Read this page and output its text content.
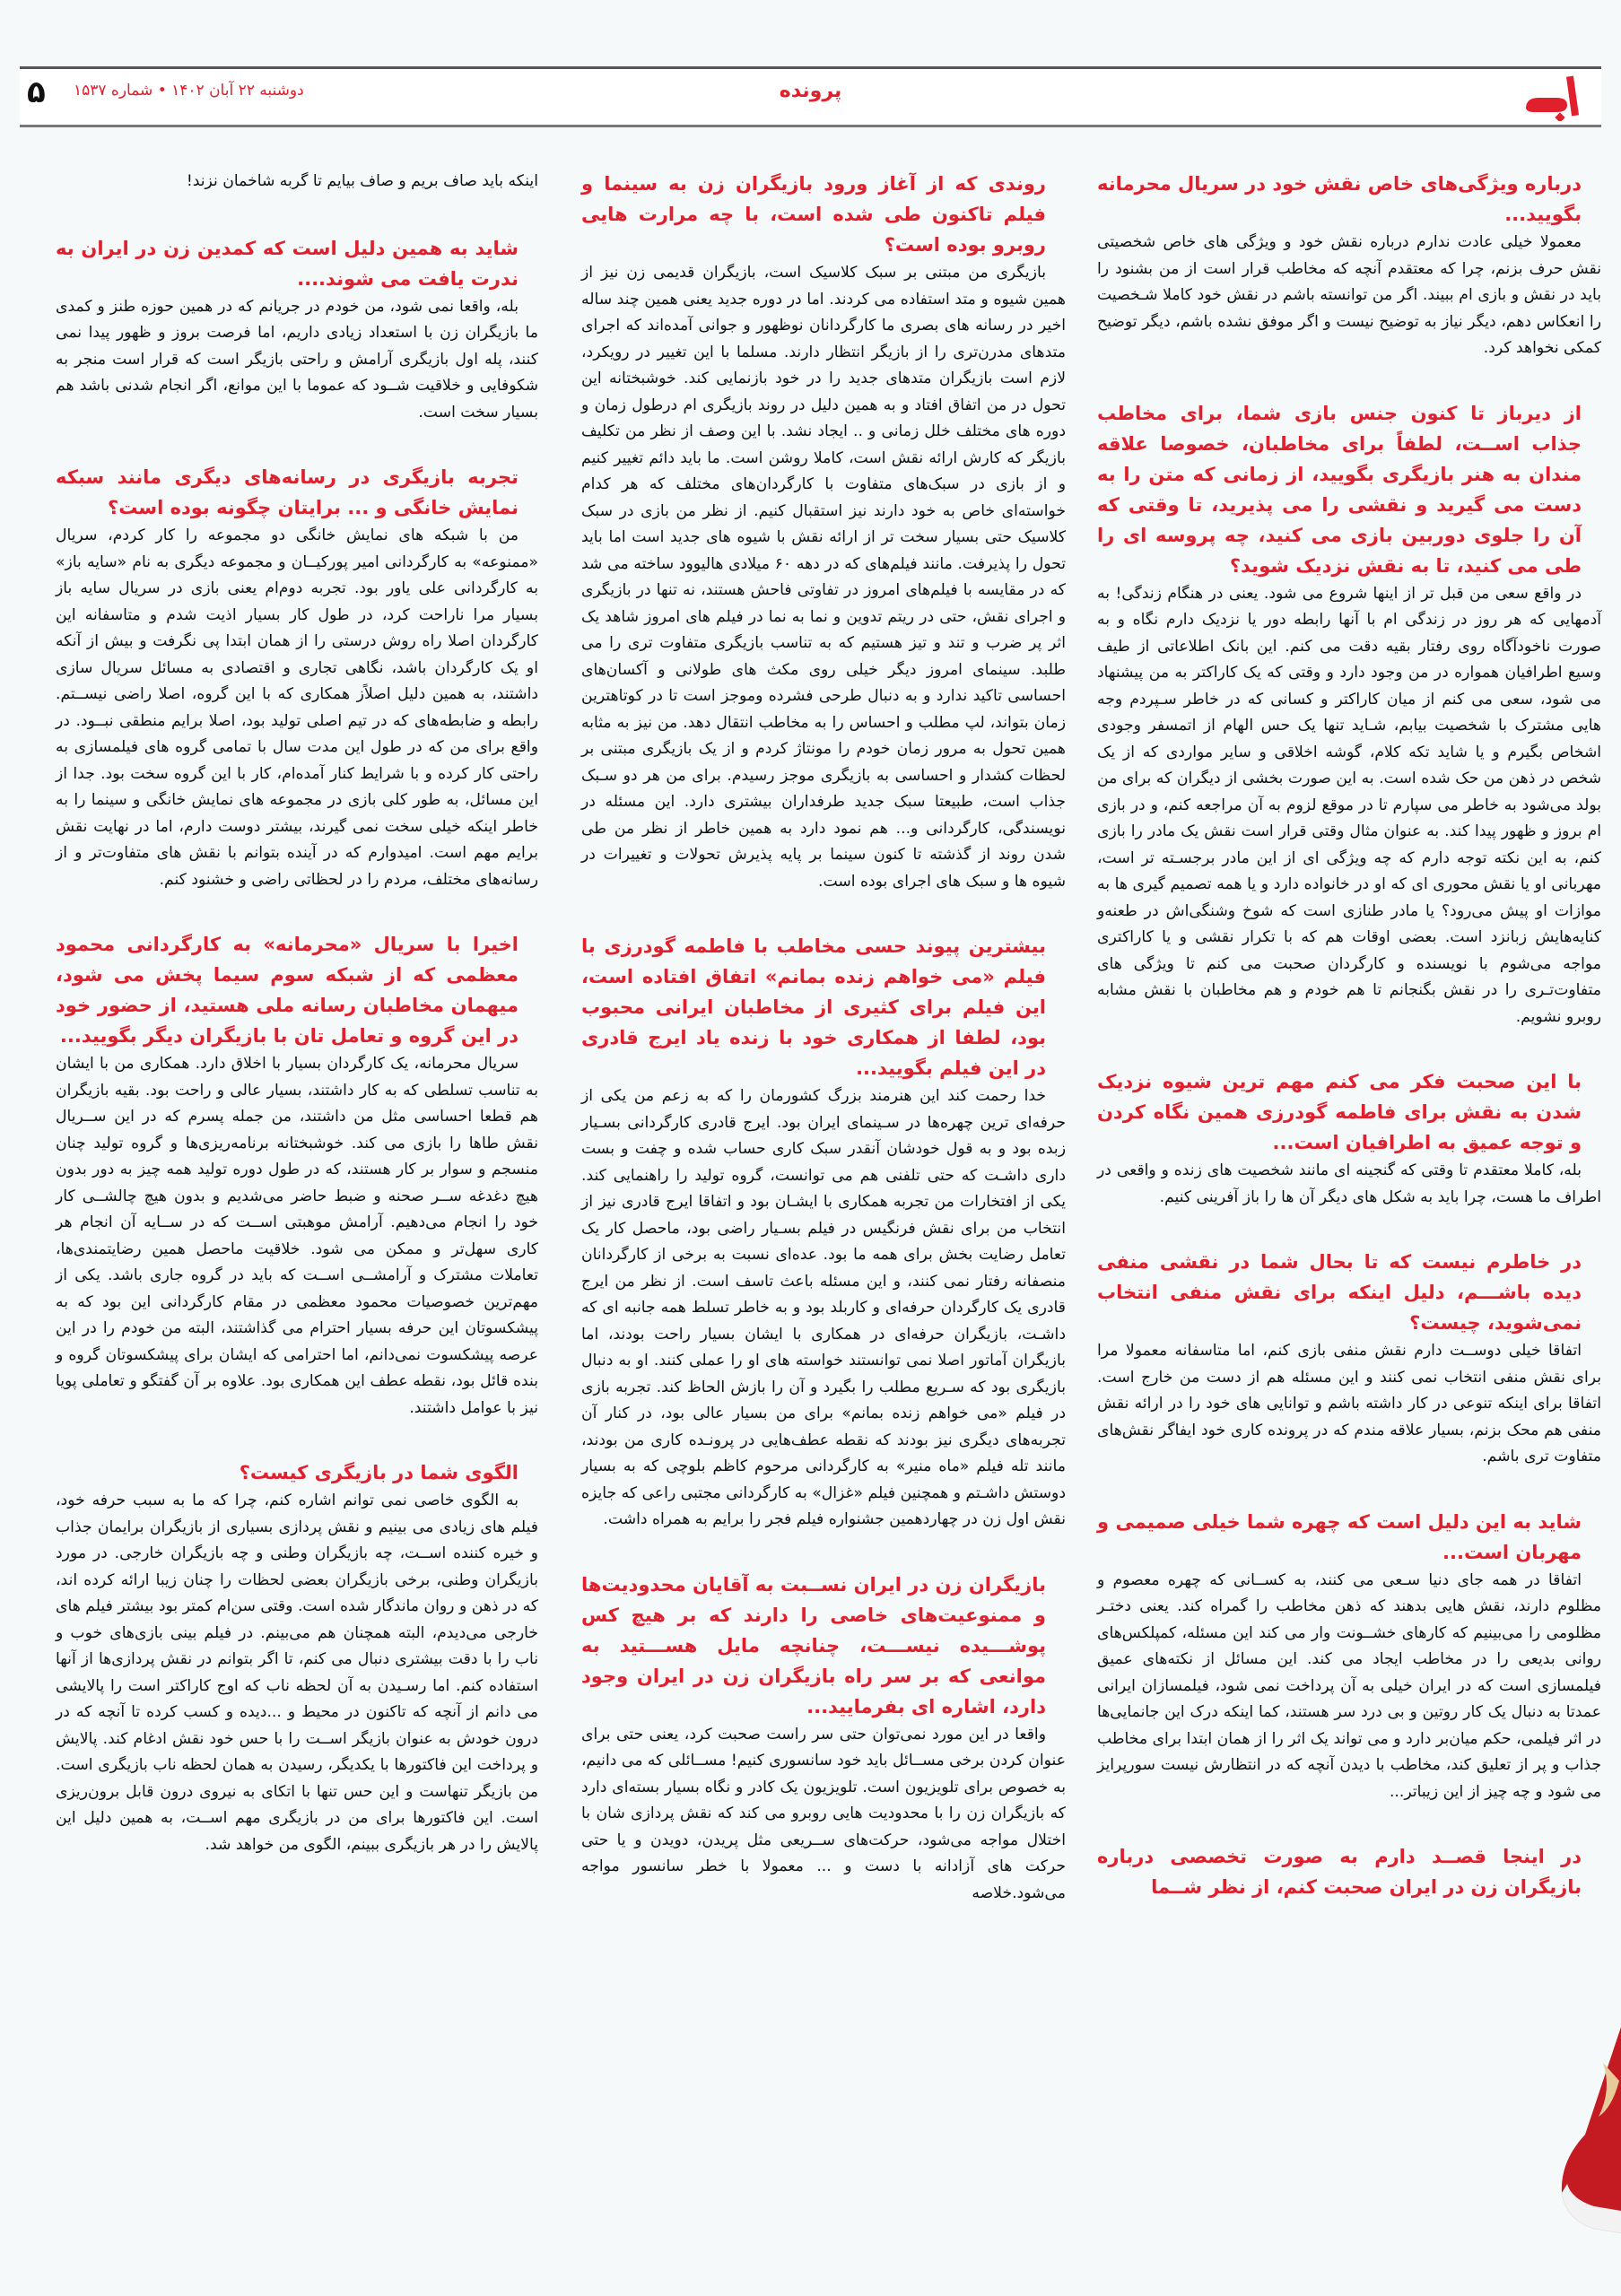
پرونده
دوشنبه ۲۲ آبان ۱۴۰۲ • شماره ۱۵۳۷
۵

درباره ویژگی‌های خاص نقش خود در سریال محرمانه بگویید...

معمولا خیلی عادت ندارم درباره نقش خود و ویژگی های خاص شخصیتی نقش حرف بزنم، چرا که معتقدم آنچه که مخاطب قرار است از من بشنود را باید در نقش و بازی ام ببیند. اگر من توانسته باشم در نقش خود کاملا شـخصیت را انعکاس دهم، دیگر نیاز به توضیح نیست و اگر موفق نشده باشم، دیگر توضیح کمکی نخواهد کرد.

از دیرباز تا کنون جنس بازی شما، برای مخاطب جذاب اســت، لطفاً برای مخاطبان، خصوصا علاقه مندان به هنر بازیگری بگویید، از زمانی که متن را به دست می گیرید و نقشی را می پذیرید، تا وقتی که آن را جلوی دوربین بازی می کنید، چه پروسه ای را طی می کنید، تا به نقش نزدیک شوید؟

در واقع سعی من قبل تر از اینها شروع می شود. یعنی در هنگام زندگی! به آدمهایی که هر روز در زندگی ام با آنها رابطه دور یا نزدیک دارم نگاه و به صورت ناخودآگاه روی رفتار بقیه دقت می کنم. این بانک اطلاعاتی از طیف وسیع اطرافیان همواره در من وجود دارد و وقتی که یک کاراکتر به من پیشنهاد می شود، سعی می کنم از میان کاراکتر و کسانی که در خاطر سـپردم وجه هایی مشترک با شخصیت بیابم، شـاید تنها یک حس الهام از اتمسفر وجودی اشخاص بگیرم و یا شاید تکه کلام، گوشه اخلاقی و سایر مواردی که از یک شخص در ذهن من حک شده است. به این صورت بخشی از دیگران که برای من بولد می‌شود به خاطر می سپارم تا در موقع لزوم به آن مراجعه کنم، و در بازی ام بروز و ظهور پیدا کند. به عنوان مثال وقتی قرار است نقش یک مادر را بازی کنم، به این نکته توجه دارم که چه ویژگی ای از این مادر برجسـته تر است، مهربانی او یا نقش محوری ای که او در خانواده دارد و یا همه تصمیم گیری ها به موازات او پیش می‌رود؟ یا مادر طنازی است که شوخ وشنگی‌اش در طعنه‌و کنایه‌هایش زبانزد است. بعضی اوقات هم که با تکرار نقشی و یا کاراکتری مواجه می‌شوم با نویسنده و کارگردان صحبت می کنم تا ویژگی های متفاوت‌تـری را در نقش بگنجانم تا هم خودم و هم مخاطبان با نقش مشابه روبرو نشویم.

با این صحبت فکر می کنم مهم ترین شیوه نزدیک شدن به نقش برای فاطمه گودرزی همین نگاه کردن و توجه عمیق به اطرافیان است...

بله، کاملا معتقدم تا وقتی که گنجینه ای مانند شخصیت های زنده و واقعی در اطراف ما هست، چرا باید به شکل های دیگر آن ها را باز آفرینی کنیم.

در خاطرم نیست که تا بحال شما در نقشی منفی دیده باشـــم، دلیل اینکه برای نقش منفی انتخاب نمی‌شوید، چیست؟

اتفاقا خیلی دوســت دارم نقش منفی بازی کنم، اما متاسفانه معمولا مرا برای نقش منفی انتخاب نمی کنند و این مسئله هم از دست من خارج است. اتفاقا برای اینکه تنوعی در کار داشته باشم و توانایی های خود را در ارائه نقش منفی هم محک بزنم، بسیار علاقه مندم که در پرونده کاری خود ایفاگر نقش‌های متفاوت تری باشم.

شاید به این دلیل است که چهره شما خیلی صمیمی و مهربان است...

اتفاقا در همه جای دنیا سـعی می کنند، به کســانی که چهره معصوم و مظلوم دارند، نقش هایی بدهند که ذهن مخاطب را گمراه کند. یعنی دختـر مظلومی را می‌بینیم که کارهای خشــونت وار می کند این مسئله، کمپلکس‌های روانی بدیعی را در مخاطب ایجاد می کند. این مسائل از نکته‌های عمیق فیلمسازی است که در ایران خیلی به آن پرداخت نمی شود، فیلمسازان ایرانی عمدتا به دنبال یک کار روتین و بی درد سر هستند، کما اینکه درک این جانمایی‌ها در اثر فیلمی، حکم میان‌بر دارد و می تواند یک اثر را از همان ابتدا برای مخاطب جذاب و پر از تعلیق کند، مخاطب با دیدن آنچه که در انتظارش نیست سورپرایز می شود و چه چیز از این زیباتر...

در اینجا قصــد دارم به صورت تخصصی درباره بازیگران زن در ایران صحبت کنم، از نظر شــما

روندی که از آغاز ورود بازیگران زن به سینما و فیلم تاکنون طی شده است، با چه مرارت هایی روبرو بوده است؟

بازیگری من مبتنی بر سبک کلاسیک است، بازیگران قدیمی زن نیز از همین شیوه و متد استفاده می کردند. اما در دوره جدید یعنی همین چند ساله اخیر در رسانه های بصری ما کارگردانان نوظهور و جوانی آمده‌اند که اجرای متدهای مدرن‌تری را از بازیگر انتظار دارند. مسلما با این تغییر در رویکرد، لازم است بازیگران متدهای جدید را در خود بازنمایی کند. خوشبختانه این تحول در من اتفاق افتاد و به همین دلیل در روند بازیگری ام درطول زمان و دوره های مختلف خلل زمانی و .. ایجاد نشد. با این وصف از نظر من تکلیف بازیگر که کارش ارائه نقش است، کاملا روشن است. ما باید دائم تغییر کنیم و از بازی در سبک‌های متفاوت با کارگردان‌های مختلف که هر کدام خواسته‌ای خاص به خود دارند نیز استقبال کنیم. از نظر من بازی در سبک کلاسیک حتی بسیار سخت تر از ارائه نقش با شیوه های جدید است اما باید تحول را پذیرفت. مانند فیلم‌های که در دهه ۶۰ میلادی هالیوود ساخته می شد که در مقایسه با فیلم‌های امروز در تفاوتی فاحش هستند، نه تنها در بازیگری و اجرای نقش، حتی در ریتم تدوین و نما به نما در فیلم های امروز شاهد یک اثر پر ضرب و تند و تیز هستیم که به تناسب بازیگری متفاوت تری را می طلبد. سینمای امروز دیگر خیلی روی مکث های طولانی و آکسان‌های احساسی تاکید ندارد و به دنبال طرحی فشرده وموجز است تا در کوتاهترین زمان بتواند، لپ مطلب و احساس را به مخاطب انتقال دهد. من نیز به مثابه همین تحول به مرور زمان خودم را مونتاژ کردم و از یک بازیگری مبتنی بر لحظات کشدار و احساسی به بازیگری موجز رسیدم. برای من هر دو سـبک جذاب است، طبیعتا سبک جدید طرفداران بیشتری دارد. این مسئله در نویسندگی، کارگردانی و... هم نمود دارد به همین خاطر از نظر من طی شدن روند از گذشته تا کنون سینما بر پایه پذیرش تحولات و تغییرات در شیوه ها و سبک های اجرای بوده است.

بیشترین پیوند حسی مخاطب با فاطمه گودرزی با فیلم «می خواهم زنده بمانم» اتفاق افتاده است، این فیلم برای کثیری از مخاطبان ایرانی محبوب بود، لطفا از همکاری خود با زنده یاد ایرج قادری در این فیلم بگویید...

خدا رحمت کند این هنرمند بزرگ کشورمان را که به زعم من یکی از حرفه‌ای ترین چهره‌ها در سـینمای ایران بود. ایرج قادری کارگردانی بسـیار زبده بود و به قول خودشان آنقدر سبک کاری حساب شده و چفت و بست داری داشـت که حتی تلفنی هم می توانست، گروه تولید را راهنمایی کند. یکی از افتخارات من تجربه همکاری با ایشـان بود و اتفاقا ایرج قادری نیز از انتخاب من برای نقش فرنگیس در فیلم بسـیار راضی بود، ماحصل کار یک تعامل رضایت بخش برای همه ما بود. عده‌ای نسبت به برخی از کارگردانان منصفانه رفتار نمی کنند، و این مسئله باعث تاسف است. از نظر من ایرج قادری یک کارگردان حرفه‌ای و کاربلد بود و به خاطر تسلط همه جانبه ای که داشـت، بازیگران حرفه‌ای در همکاری با ایشان بسیار راحت بودند، اما بازیگران آماتور اصلا نمی توانستند خواسته های او را عملی کنند. او به دنبال بازیگری بود که سـریع مطلب را بگیرد و آن را بازش الحاظ کند. تجربه بازی در فیلم «می خواهم زنده بمانم» برای من بسیار عالی بود، در کنار آن تجربه‌های دیگری نیز بودند که نقطه عطف‌هایی در پرونـده کاری من بودند، مانند تله فیلم «ماه منیر» به کارگردانی مرحوم کاظم بلوچی که به بسیار دوستش داشـتم و همچنین فیلم «غزال» به کارگردانی مجتبی راعی که جایزه نقش اول زن در چهاردهمین جشنواره فیلم فجر را برایم به همراه داشت.

بازیگران زن در ایران نســبت به آقایان محدودیت‌ها و ممنوعیت‌های خاصی را دارند که بر هیچ کس پوشـــیده نیســـت، چنانچه مایل هســـتید به موانعی که بر سر راه بازیگران زن در ایران وجود دارد، اشاره ای بفرمایید...

واقعا در این مورد نمی‌توان حتی سر راست صحبت کرد، یعنی حتی برای عنوان کردن برخی مســائل باید خود سانسوری کنیم! مســائلی که می دانیم، به خصوص برای تلویزیون است. تلویزیون یک کادر و نگاه بسیار بسته‌ای دارد که بازیگران زن را با محدودیت هایی روبرو می کند که نقش پردازی شان با اختلال مواجه می‌شود، حرکت‌های ســریعی مثل پریدن، دویدن و یا حتی حرکت های آزادانه با دست و ... معمولا با خطر سانسور مواجه می‌شود.خلاصه

اینکه باید صاف بریم و صاف بیایم تا گربه شاخمان نزند!

شاید به همین دلیل است که کمدین زن در ایران به ندرت یافت می شوند....

بله، واقعا نمی شود، من خودم در جریانم که در همین حوزه طنز و کمدی ما بازیگران زن با استعداد زیادی داریم، اما فرصت بروز و ظهور پیدا نمی کنند، پله اول بازیگری آرامش و راحتی بازیگر است که قرار است منجر به شکوفایی و خلاقیت شــود که عموما با این موانع، اگر انجام شدنی باشد هم بسیار سخت است.

تجربه بازیگری در رسانه‌های دیگری مانند سبکه نمایش خانگی و ... برایتان چگونه بوده است؟

من با شبکه های نمایش خانگی دو مجموعه را کار کردم، سریال «ممنوعه» به کارگردانی امیر پورکیــان و مجموعه دیگری به نام «سایه باز» به کارگردانی علی یاور بود. تجربه دوم‌ام یعنی بازی در سریال سایه باز بسیار مرا ناراحت کرد، در طول کار بسیار اذیت شدم و متاسفانه این کارگردان اصلا راه روش درستی را از همان ابتدا پی نگرفت و بیش از آنکه او یک کارگردان باشد، نگاهی تجاری و اقتصادی به مسائل سریال سازی داشتند، به همین دلیل اصلاًز همکاری که با این گروه، اصلا راضی نیســتم. رابطه و ضابطه‌های که در تیم اصلی تولید بود، اصلا برایم منطقی نبــود. در واقع برای من که در طول این مدت سال با تمامی گروه های فیلمسازی به راحتی کار کرده و با شرایط کنار آمده‌ام، کار با این گروه سخت بود. جدا از این مسائل، به طور کلی بازی در مجموعه های نمایش خانگی و سینما را به خاطر اینکه خیلی سخت نمی گیرند، بیشتر دوست دارم، اما در نهایت نقش برایم مهم است. امیدوارم که در آینده بتوانم با نقش های متفاوت‌تر و از رسانه‌های مختلف، مردم را در لحظاتی راضی و خشنود کنم.

اخیرا با سریال «محرمانه» به کارگردانی محمود معظمی که از شبکه سوم سیما پخش می شود، میهمان مخاطبان رسانه ملی هستید، از حضور خود در این گروه و تعامل تان با بازیگران دیگر بگویید...

سریال محرمانه، یک کارگردان بسیار با اخلاق دارد. همکاری من با ایشان به تناسب تسلطی که به کار داشتند، بسیار عالی و راحت بود. بقیه بازیگران هم قطعا احساسی مثل من داشتند، من جمله پسرم که در این ســریال نقش طاها را بازی می کند. خوشبختانه برنامه‌ریزی‌ها و گروه تولید چنان منسجم و سوار بر کار هستند، که در طول دوره تولید همه چیز به دور بدون هیچ دغدغه ســر صحنه و ضبط حاضر می‌شدیم و بدون هیچ چالشــی کار خود را انجام می‌دهیم. آرامش موهبتی اســت که در ســایه آن انجام هر کاری سهل‌تر و ممکن می شود. خلاقیت ماحصل همین رضایتمندی‌ها، تعاملات مشترک و آرامشــی اســت که باید در گروه جاری باشد. یکی از مهم‌ترین خصوصیات محمود معظمی در مقام کارگردانی این بود که به پیشکسوتان این حرفه بسیار احترام می گذاشتند، البته من خودم را در این عرصه پیشکسوت نمی‌دانم، اما احترامی که ایشان برای پیشکسوتان گروه و بنده قائل بود، نقطه عطف این همکاری بود. علاوه بر آن گفتگو و تعاملی پویا نیز با عوامل داشتند.

الگوی شما در بازیگری کیست؟

به الگوی خاصی نمی توانم اشاره کنم، چرا که ما به سبب حرفه خود، فیلم های زیادی می بینیم و نقش پردازی بسیاری از بازیگران برایمان جذاب و خیره کننده اســت، چه بازیگران وطنی و چه بازیگران خارجی. در مورد بازیگران وطنی، برخی بازیگران بعضی لحظات را چنان زیبا ارائه کرده اند، که در ذهن و روان ماندگار شده است. وقتی سن‌ام کمتر بود بیشتر فیلم های خارجی می‌دیدم، البته همچنان هم می‌بینم. در فیلم بینی بازی‌های خوب و ناب را با دقت بیشتری دنبال می کنم، تا اگر بتوانم در نقش پردازی‌ها از آنها استفاده کنم. اما رسـیدن به آن لحظه ناب که اوج کاراکتر است را پالایشی می دانم از آنچه که تاکنون در محیط و ...دیده و کسب کرده تا آنچه که در درون خودش به عنوان بازیگر اســت را با حس خود نقش ادغام کند. پالایش و پرداخت این فاکتورها با یکدیگر، رسیدن به همان لحظه ناب بازیگری است. من بازیگر تنهاست و این حس تنها با اتکای به نیروی درون قابل برون‌ریزی است. این فاکتورها برای من در بازیگری مهم اســت، به همین دلیل این پالایش را در هر بازیگری ببینم، الگوی من خواهد شد.
